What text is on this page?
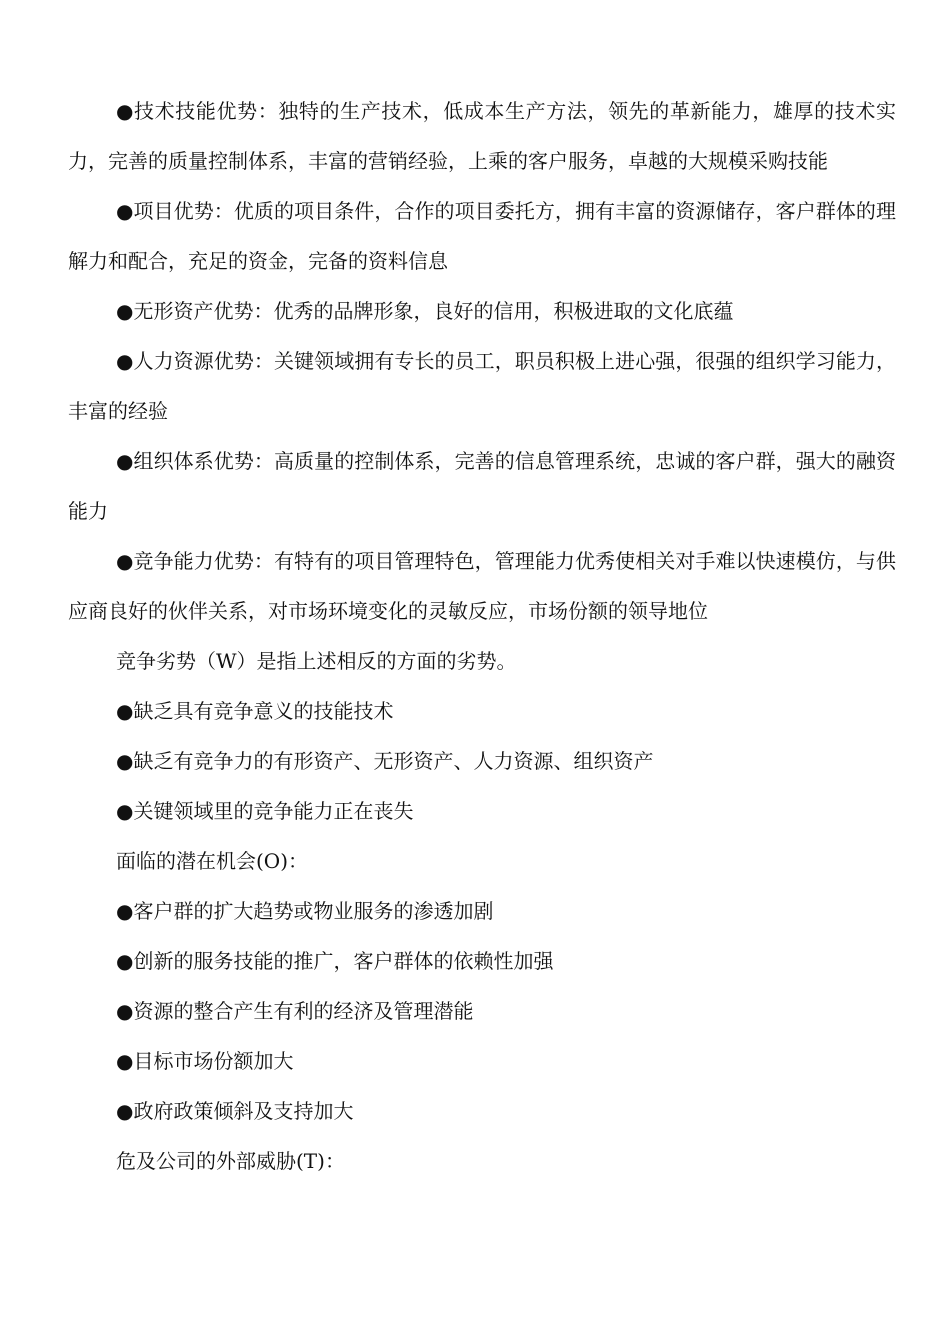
●技术技能优势：独特的生产技术，低成本生产方法，领先的革新能力，雄厚的技术实力，完善的质量控制体系，丰富的营销经验，上乘的客户服务，卓越的大规模采购技能

●项目优势：优质的项目条件，合作的项目委托方，拥有丰富的资源储存，客户群体的理解力和配合，充足的资金，完备的资料信息

●无形资产优势：优秀的品牌形象，良好的信用，积极进取的文化底蕴

●人力资源优势：关键领域拥有专长的员工，职员积极上进心强，很强的组织学习能力，丰富的经验

●组织体系优势：高质量的控制体系，完善的信息管理系统，忠诚的客户群，强大的融资能力

●竞争能力优势：有特有的项目管理特色，管理能力优秀使相关对手难以快速模仿，与供应商良好的伙伴关系，对市场环境变化的灵敏反应，市场份额的领导地位

竞争劣势（W）是指上述相反的方面的劣势。

●缺乏具有竞争意义的技能技术

●缺乏有竞争力的有形资产、无形资产、人力资源、组织资产

●关键领域里的竞争能力正在丧失

面临的潜在机会(O)：

●客户群的扩大趋势或物业服务的渗透加剧

●创新的服务技能的推广，客户群体的依赖性加强

●资源的整合产生有利的经济及管理潜能

●目标市场份额加大

●政府政策倾斜及支持加大

危及公司的外部威胁(T)：
